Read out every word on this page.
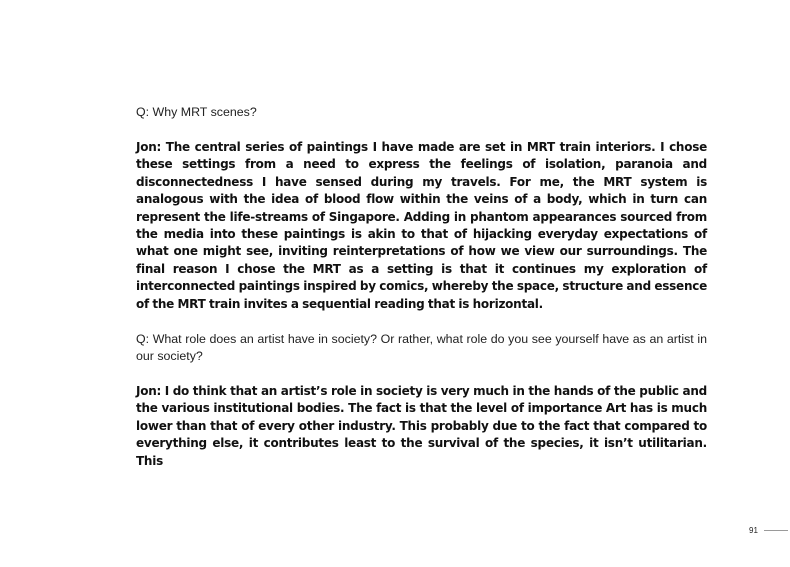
Q: Why MRT scenes?

Jon: The central series of paintings I have made are set in MRT train interiors. I chose these settings from a need to express the feelings of isolation, paranoia and disconnectedness I have sensed during my travels. For me, the MRT system is analogous with the idea of blood flow within the veins of a body, which in turn can represent the life-streams of Singapore. Adding in phantom appearances sourced from the media into these paintings is akin to that of hijacking everyday expectations of what one might see, inviting reinterpretations of how we view our surroundings. The final reason I chose the MRT as a setting is that it continues my exploration of interconnected paintings inspired by comics, whereby the space, structure and essence of the MRT train invites a sequential reading that is horizontal.

Q: What role does an artist have in society? Or rather, what role do you see yourself have as an artist in our society?

Jon: I do think that an artist’s role in society is very much in the hands of the public and the various institutional bodies. The fact is that the level of importance Art has is much lower than that of every other industry. This probably due to the fact that compared to everything else, it contributes least to the survival of the species, it isn’t utilitarian. This

91
